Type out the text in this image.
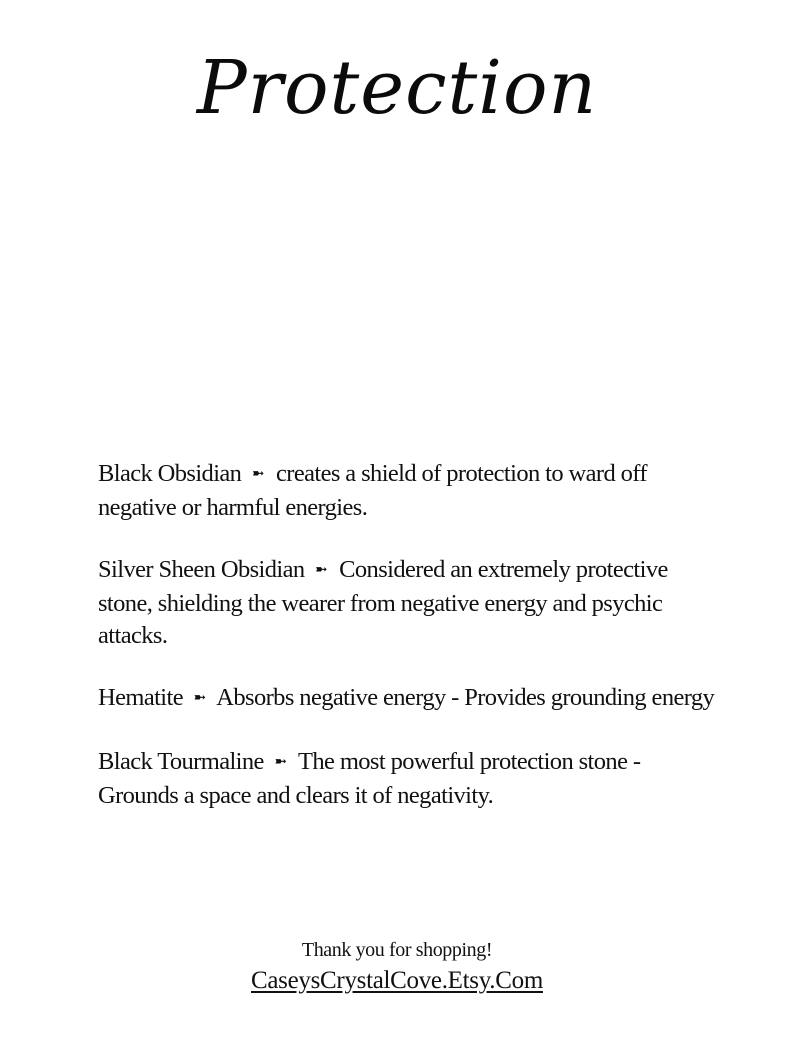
Protection

Black Obsidian ➼ creates a shield of protection to ward off negative or harmful energies.

Silver Sheen Obsidian ➼ Considered an extremely protective stone, shielding the wearer from negative energy and psychic attacks.

Hematite ➼ Absorbs negative energy - Provides grounding energy

Black Tourmaline ➼ The most powerful protection stone - Grounds a space and clears it of negativity.

Thank you for shopping!
CaseysCrystalCove.Etsy.Com
